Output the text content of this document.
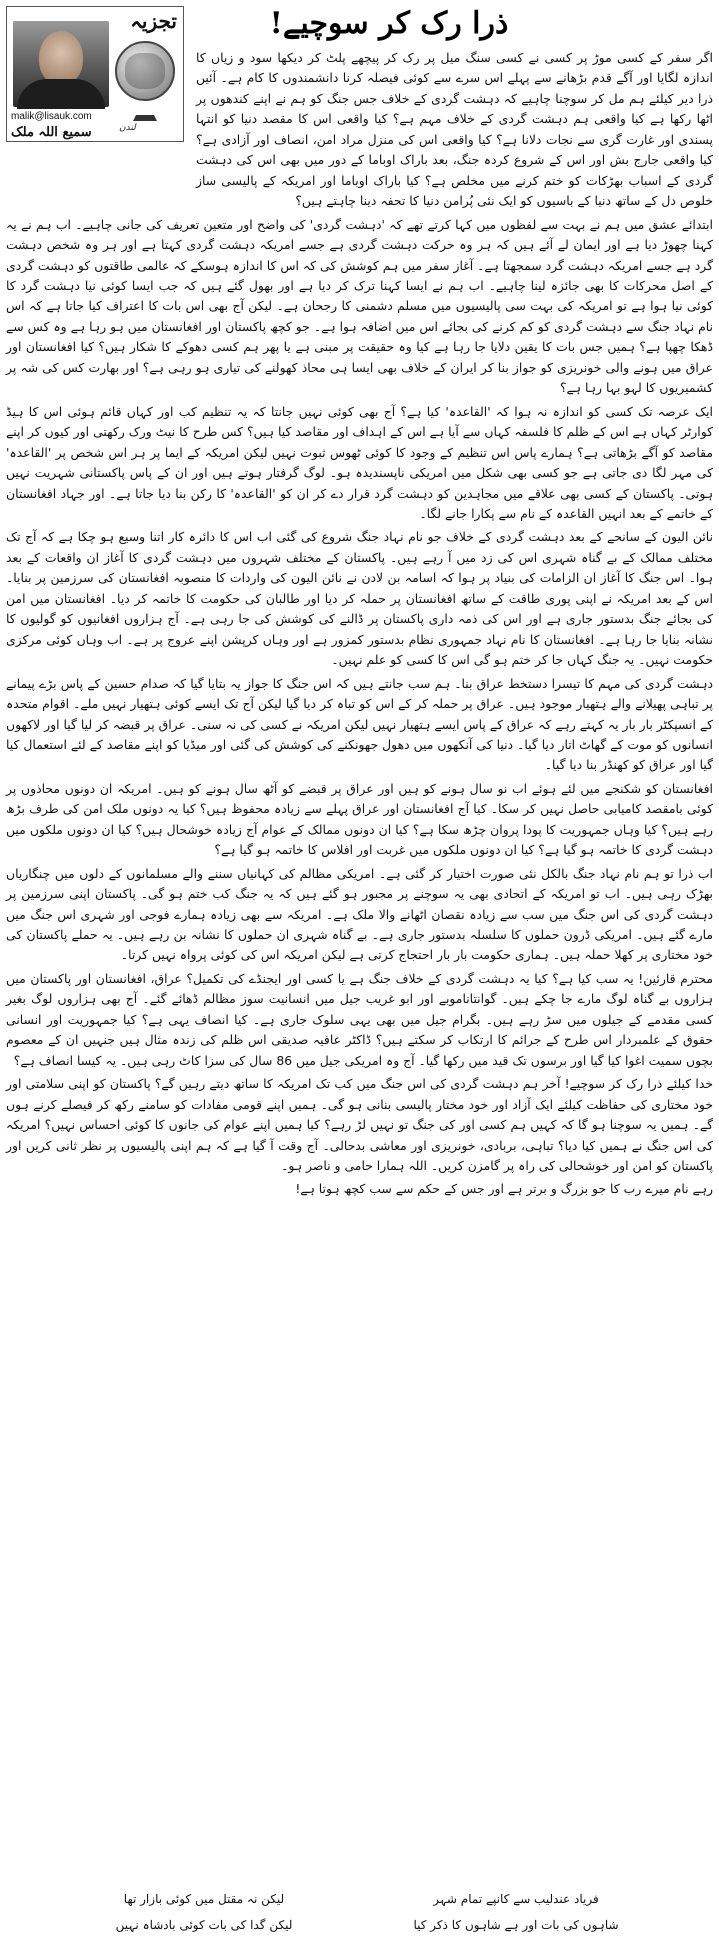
تجزیہ
malik@lisauk.com
سمیع اللہ ملک	لندن
ذرا رک کر سوچیے!

اگر سفر کے کسی موڑ پر کسی نے کسی سنگ میل پر رک کر پیچھے پلٹ کر دیکھا سود و زیاں کا اندازہ لگایا اور آگے قدم بڑھانے سے پہلے اس سرے سے کوئی فیصلہ کرنا دانشمندوں کا کام ہے۔ آئیں ذرا دیر کیلئے ہم مل کر سوچنا چاہیے کہ دہشت گردی کے خلاف جس جنگ کو ہم نے اپنے کندھوں پر اٹھا رکھا ہے کیا واقعی ہم دہشت گردی کے خلاف مہم ہے؟ کیا واقعی اس کا مقصد دنیا کو انتہا پسندی اور غارت گری سے نجات دلانا ہے؟ کیا واقعی اس کی منزل مراد امن، انصاف اور آزادی ہے؟ کیا واقعی جارج بش اور اس کے شروع کردہ جنگ، بعد باراک اوباما کے دور میں بھی اس کی دہشت گردی کے اسباب بھڑکات کو ختم کرنے میں مخلص ہے؟ کیا باراک اوباما اور امریکہ کے پالیسی ساز خلوص دل کے ساتھ دنیا کے باسیوں کو ایک نئی پُرامن دنیا کا تحفہ دینا چاہتے ہیں؟

ابتدائے عشق میں ہم نے بہت سے لفظوں میں کہا کرتے تھے کہ 'دہشت گردی' کی واضح اور متعین تعریف کی جانی چاہیے۔ اب ہم نے یہ کہنا چھوڑ دیا ہے اور ایمان لے آئے ہیں کہ ہر وہ حرکت دہشت گردی ہے جسے امریکہ دہشت گردی کہتا ہے اور ہر وہ شخص دہشت گرد ہے جسے امریکہ دہشت گرد سمجھتا ہے۔ آغاز سفر میں ہم کوشش کی کہ اس کا اندازہ ہوسکے کہ عالمی طاقتوں کو دہشت گردی کے اصل محرکات کا بھی جائزہ لینا چاہیے۔ اب ہم نے ایسا کہنا ترک کر دیا ہے اور بھول گئے ہیں کہ جب ایسا کوئی نیا دہشت گرد کا کوئی نیا ہوا ہے تو امریکہ کی بہت سی پالیسیوں میں مسلم دشمنی کا رجحان ہے۔ لیکن آج بھی اس بات کا اعتراف کیا جاتا ہے کہ اس نام نہاد جنگ سے دہشت گردی کو کم کرنے کی بجائے اس میں اضافہ ہوا ہے۔ جو کچھ پاکستان اور افغانستان میں ہو رہا ہے وہ کس سے ڈھکا چھپا ہے؟ ہمیں جس بات کا یقین دلایا جا رہا ہے کیا وہ حقیقت پر مبنی ہے یا پھر ہم کسی دھوکے کا شکار ہیں؟ کیا افغانستان اور عراق میں ہونے والی خونریزی کو جواز بنا کر ایران کے خلاف بھی ایسا ہی محاذ کھولنے کی تیاری ہو رہی ہے؟ اور بھارت کس کی شہ پر کشمیریوں کا لہو بہا رہا ہے؟

ایک عرصہ تک کسی کو اندازہ نہ ہوا کہ 'القاعدہ' کیا ہے؟ آج بھی کوئی نہیں جانتا کہ یہ تنظیم کب اور کہاں قائم ہوئی اس کا ہیڈ کوارٹر کہاں ہے اس کے ظلم کا فلسفہ کہاں سے آیا ہے اس کے اہداف اور مقاصد کیا ہیں؟ کس طرح کا نیٹ ورک رکھتی اور کیوں کر اپنے مقاصد کو آگے بڑھاتی ہے؟ ہمارے پاس اس تنظیم کے وجود کا کوئی ٹھوس ثبوت نہیں لیکن امریکہ کے ایما پر ہر اس شخص پر 'القاعدہ' کی مہر لگا دی جاتی ہے جو کسی بھی شکل میں امریکی ناپسندیدہ ہو۔ لوگ گرفتار ہوتے ہیں اور ان کے پاس پاکستانی شہریت نہیں ہوتی۔ پاکستان کے کسی بھی علاقے میں مجاہدین کو دہشت گرد قرار دے کر ان کو 'القاعدہ' کا رکن بنا دیا جاتا ہے۔ اور جہاد افغانستان کے خاتمے کے بعد انہیں القاعدہ کے نام سے پکارا جانے لگا۔

نائن الیون کے سانحے کے بعد دہشت گردی کے خلاف جو نام نہاد جنگ شروع کی گئی اب اس کا دائرہ کار اتنا وسیع ہو چکا ہے کہ آج تک مختلف ممالک کے بے گناہ شہری اس کی زد میں آ رہے ہیں۔ پاکستان کے مختلف شہروں میں دہشت گردی کا آغاز ان واقعات کے بعد ہوا۔ اس جنگ کا آغاز ان الزامات کی بنیاد پر ہوا کہ اسامہ بن لادن نے نائن الیون کی واردات کا منصوبہ افغانستان کی سرزمین پر بنایا۔ اس کے بعد امریکہ نے اپنی پوری طاقت کے ساتھ افغانستان پر حملہ کر دیا اور طالبان کی حکومت کا خاتمہ کر دیا۔ افغانستان میں امن کی بجائے جنگ بدستور جاری ہے اور اس کی ذمہ داری پاکستان پر ڈالنے کی کوشش کی جا رہی ہے۔ آج ہزاروں افغانیوں کو گولیوں کا نشانہ بنایا جا رہا ہے۔ افغانستان کا نام نہاد جمہوری نظام بدستور کمزور ہے اور وہاں کرپشن اپنے عروج پر ہے۔ اب وہاں کوئی مرکزی حکومت نہیں۔ یہ جنگ کہاں جا کر ختم ہو گی اس کا کسی کو علم نہیں۔

دہشت گردی کی مہم کا تیسرا دستخط عراق بنا۔ ہم سب جانتے ہیں کہ اس جنگ کا جواز یہ بتایا گیا کہ صدام حسین کے پاس بڑے پیمانے پر تباہی پھیلانے والے ہتھیار موجود ہیں۔ عراق پر حملہ کر کے اس کو تباہ کر دیا گیا لیکن آج تک ایسے کوئی ہتھیار نہیں ملے۔ اقوام متحدہ کے انسپکٹر بار بار یہ کہتے رہے کہ عراق کے پاس ایسے ہتھیار نہیں لیکن امریکہ نے کسی کی نہ سنی۔ عراق پر قبضہ کر لیا گیا اور لاکھوں انسانوں کو موت کے گھاٹ اتار دیا گیا۔ دنیا کی آنکھوں میں دھول جھونکنے کی کوشش کی گئی اور میڈیا کو اپنے مقاصد کے لئے استعمال کیا گیا اور عراق کو کھنڈر بنا دیا گیا۔

افغانستان کو شکنجے میں لئے ہوئے اب نو سال ہونے کو ہیں اور عراق پر قبضے کو آٹھ سال ہونے کو ہیں۔ امریکہ ان دونوں محاذوں پر کوئی بامقصد کامیابی حاصل نہیں کر سکا۔ کیا آج افغانستان اور عراق پہلے سے زیادہ محفوظ ہیں؟ کیا یہ دونوں ملک امن کی طرف بڑھ رہے ہیں؟ کیا وہاں جمہوریت کا پودا پروان چڑھ سکا ہے؟ کیا ان دونوں ممالک کے عوام آج زیادہ خوشحال ہیں؟ کیا ان دونوں ملکوں میں دہشت گردی کا خاتمہ ہو گیا ہے؟ کیا ان دونوں ملکوں میں غربت اور افلاس کا خاتمہ ہو گیا ہے؟

اب ذرا تو ہم نام نہاد جنگ بالکل نئی صورت اختیار کر گئی ہے۔ امریکی مظالم کی کہانیاں سننے والے مسلمانوں کے دلوں میں چنگاریاں بھڑک رہی ہیں۔ اب تو امریکہ کے اتحادی بھی یہ سوچنے پر مجبور ہو گئے ہیں کہ یہ جنگ کب ختم ہو گی۔ پاکستان اپنی سرزمین پر دہشت گردی کی اس جنگ میں سب سے زیادہ نقصان اٹھانے والا ملک ہے۔ امریکہ سے بھی زیادہ ہمارے فوجی اور شہری اس جنگ میں مارے گئے ہیں۔ امریکی ڈرون حملوں کا سلسلہ بدستور جاری ہے۔ بے گناہ شہری ان حملوں کا نشانہ بن رہے ہیں۔ یہ حملے پاکستان کی خود مختاری پر کھلا حملہ ہیں۔ ہماری حکومت بار بار احتجاج کرتی ہے لیکن امریکہ اس کی کوئی پرواہ نہیں کرتا۔

محترم قارئین! یہ سب کیا ہے؟ کیا یہ دہشت گردی کے خلاف جنگ ہے یا کسی اور ایجنڈے کی تکمیل؟ عراق، افغانستان اور پاکستان میں ہزاروں بے گناہ لوگ مارے جا چکے ہیں۔ گوانتاناموبے اور ابو غریب جیل میں انسانیت سوز مظالم ڈھائے گئے۔ آج بھی ہزاروں لوگ بغیر کسی مقدمے کے جیلوں میں سڑ رہے ہیں۔ بگرام جیل میں بھی یہی سلوک جاری ہے۔ کیا انصاف یہی ہے؟ کیا جمہوریت اور انسانی حقوق کے علمبردار اس طرح کے جرائم کا ارتکاب کر سکتے ہیں؟ ڈاکٹر عافیہ صدیقی اس ظلم کی زندہ مثال ہیں جنہیں ان کے معصوم بچوں سمیت اغوا کیا گیا اور برسوں تک قید میں رکھا گیا۔ آج وہ امریکی جیل میں 86 سال کی سزا کاٹ رہی ہیں۔ یہ کیسا انصاف ہے؟

خدا کیلئے ذرا رک کر سوچیے! آخر ہم دہشت گردی کی اس جنگ میں کب تک امریکہ کا ساتھ دیتے رہیں گے؟ پاکستان کو اپنی سلامتی اور خود مختاری کی حفاظت کیلئے ایک آزاد اور خود مختار پالیسی بنانی ہو گی۔ ہمیں اپنے قومی مفادات کو سامنے رکھ کر فیصلے کرنے ہوں گے۔ ہمیں یہ سوچنا ہو گا کہ کہیں ہم کسی اور کی جنگ تو نہیں لڑ رہے؟ کیا ہمیں اپنے عوام کی جانوں کا کوئی احساس نہیں؟ امریکہ کی اس جنگ نے ہمیں کیا دیا؟ تباہی، بربادی، خونریزی اور معاشی بدحالی۔ آج وقت آ گیا ہے کہ ہم اپنی پالیسیوں پر نظر ثانی کریں اور پاکستان کو امن اور خوشحالی کی راہ پر گامزن کریں۔ اللہ ہمارا حامی و ناصر ہو۔

رہے نام میرے رب کا جو بزرگ و برتر ہے اور جس کے حکم سے سب کچھ ہوتا ہے!

فریاد عندلیب سے کانپے تمام شہر
لیکن نہ مقتل میں کوئی بازار تھا
شاہوں کی بات اور ہے شاہوں کا ذکر کیا
لیکن گدا کی بات کوئی بادشاہ نہیں
